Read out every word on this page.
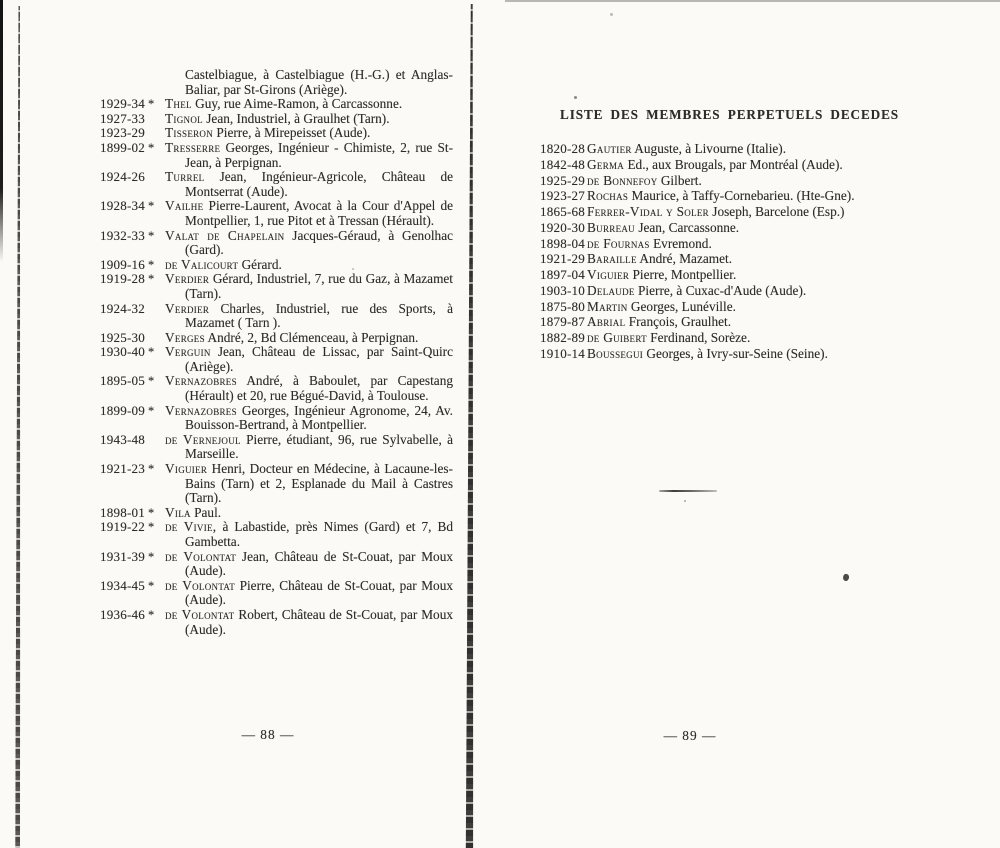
Castelbiague, à Castelbiague (H.-G.) et Anglas-Baliar, par St-Girons (Ariège).
1929-34 * Thel Guy, rue Aime-Ramon, à Carcassonne.
1927-33 Tignol Jean, Industriel, à Graulhet (Tarn).
1923-29 Tisseron Pierre, à Mirepeisset (Aude).
1899-02 * Tresserre Georges, Ingénieur - Chimiste, 2, rue St-Jean, à Perpignan.
1924-26 Turrel Jean, Ingénieur-Agricole, Château de Montserrat (Aude).
1928-34 * Vailhe Pierre-Laurent, Avocat à la Cour d'Appel de Montpellier, 1, rue Pitot et à Tressan (Hérault).
1932-33 * Valat de Chapelain Jacques-Géraud, à Genolhac (Gard).
1909-16 * de Valicourt Gérard.
1919-28 * Verdier Gérard, Industriel, 7, rue du Gaz, à Mazamet (Tarn).
1924-32 Verdier Charles, Industriel, rue des Sports, à Mazamet ( Tarn ).
1925-30 Verges André, 2, Bd Clémenceau, à Perpignan.
1930-40 * Verguin Jean, Château de Lissac, par Saint-Quirc (Ariège).
1895-05 * Vernazobres André, à Baboulet, par Capestang (Hérault) et 20, rue Bégué-David, à Toulouse.
1899-09 * Vernazobres Georges, Ingénieur Agronome, 24, Av. Bouisson-Bertrand, à Montpellier.
1943-48 de Vernejoul Pierre, étudiant, 96, rue Sylvabelle, à Marseille.
1921-23 * Viguier Henri, Docteur en Médecine, à Lacaune-les-Bains (Tarn) et 2, Esplanade du Mail à Castres (Tarn).
1898-01 * Vila Paul.
1919-22 * de Vivie, à Labastide, près Nimes (Gard) et 7, Bd Gambetta.
1931-39 * de Volontat Jean, Château de St-Couat, par Moux (Aude).
1934-45 * de Volontat Pierre, Château de St-Couat, par Moux (Aude).
1936-46 * de Volontat Robert, Château de St-Couat, par Moux (Aude).
— 88 —
LISTE DES MEMBRES PERPETUELS DECEDES
1820-28 Gautier Auguste, à Livourne (Italie).
1842-48 Germa Ed., aux Brougals, par Montréal (Aude).
1925-29 de Bonnefoy Gilbert.
1923-27 Rochas Maurice, à Taffy-Cornebarieu. (Hte-Gne).
1865-68 Ferrer-Vidal y Soler Joseph, Barcelone (Esp.)
1920-30 Burreau Jean, Carcassonne.
1898-04 de Fournas Evremond.
1921-29 Baraille André, Mazamet.
1897-04 Viguier Pierre, Montpellier.
1903-10 Delaude Pierre, à Cuxac-d'Aude (Aude).
1875-80 Martin Georges, Lunéville.
1879-87 Abrial François, Graulhet.
1882-89 de Guibert Ferdinand, Sorèze.
1910-14 Boussegui Georges, à Ivry-sur-Seine (Seine).
— 89 —
